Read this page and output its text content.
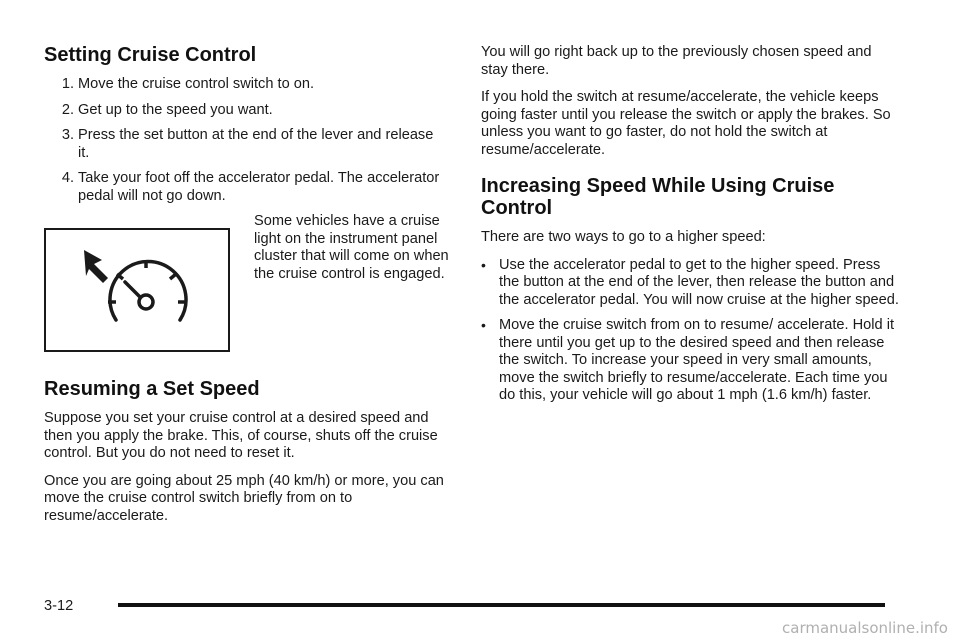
Setting Cruise Control
1. Move the cruise control switch to on.
2. Get up to the speed you want.
3. Press the set button at the end of the lever and release it.
4. Take your foot off the accelerator pedal. The accelerator pedal will not go down.

Some vehicles have a cruise light on the instrument panel cluster that will come on when the cruise control is engaged.

Resuming a Set Speed

Suppose you set your cruise control at a desired speed and then you apply the brake. This, of course, shuts off the cruise control. But you do not need to reset it.

Once you are going about 25 mph (40 km/h) or more, you can move the cruise control switch briefly from on to resume/accelerate.

You will go right back up to the previously chosen speed and stay there.

If you hold the switch at resume/accelerate, the vehicle keeps going faster until you release the switch or apply the brakes. So unless you want to go faster, do not hold the switch at resume/accelerate.

Increasing Speed While Using Cruise Control

There are two ways to go to a higher speed:

• Use the accelerator pedal to get to the higher speed. Press the button at the end of the lever, then release the button and the accelerator pedal. You will now cruise at the higher speed.
• Move the cruise switch from on to resume/ accelerate. Hold it there until you get up to the desired speed and then release the switch. To increase your speed in very small amounts, move the switch briefly to resume/accelerate. Each time you do this, your vehicle will go about 1 mph (1.6 km/h) faster.
3-12
carmanualsonline.info
